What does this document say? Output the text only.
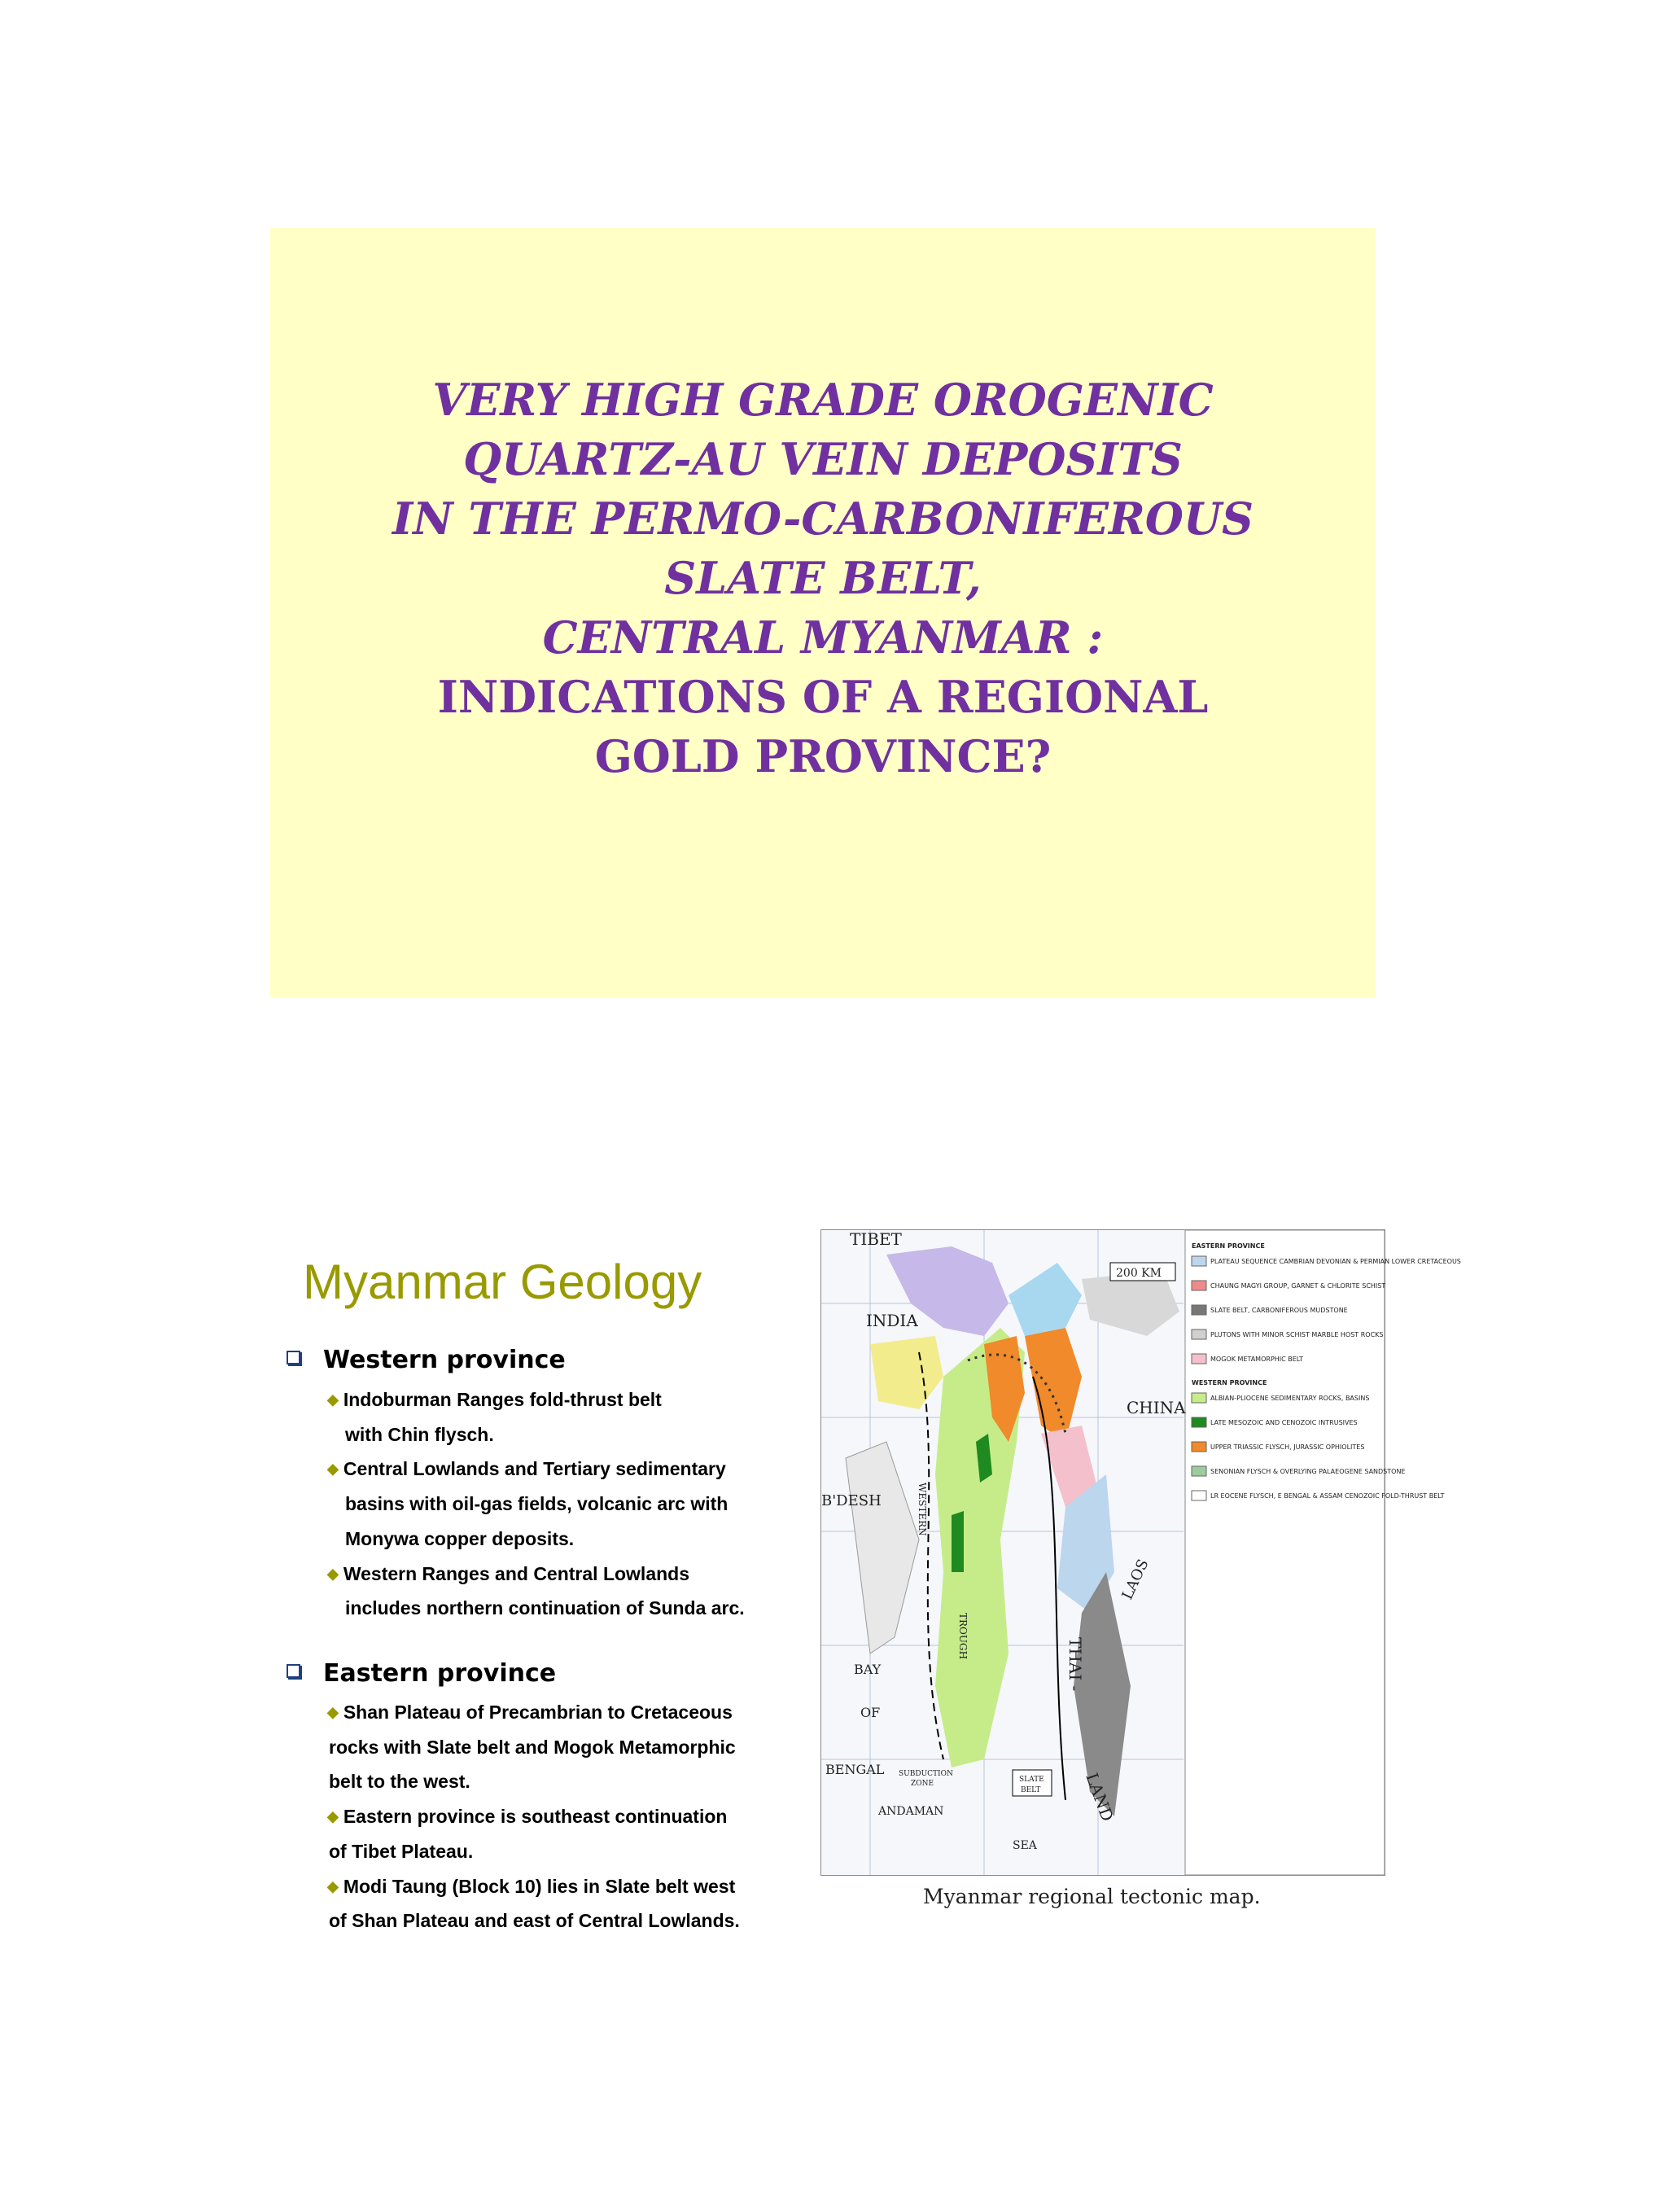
VERY HIGH GRADE OROGENIC
QUARTZ-AU VEIN DEPOSITS
IN THE PERMO-CARBONIFEROUS
SLATE BELT,
CENTRAL MYANMAR :
INDICATIONS OF A REGIONAL
GOLD PROVINCE?
Myanmar Geology
Western province
◆ Indoburman Ranges fold-thrust belt
with Chin flysch.
◆ Central Lowlands and Tertiary sedimentary
basins with oil-gas fields, volcanic arc with
Monywa copper deposits.
◆ Western Ranges and Central Lowlands
includes northern continuation of Sunda arc.
Eastern province
◆ Shan Plateau of Precambrian to Cretaceous
rocks with Slate belt and Mogok Metamorphic
belt to the west.
◆ Eastern province is southeast continuation
of Tibet Plateau.
◆ Modi Taung (Block 10) lies in Slate belt west
of Shan Plateau and east of Central Lowlands.
EASTERN PROVINCE
PLATEAU SEQUENCE CAMBRIAN DEVONIAN & PERMIAN LOWER CRETACEOUS
CHAUNG MAGYI GROUP, GARNET & CHLORITE SCHIST
SLATE BELT, CARBONIFEROUS MUDSTONE
PLUTONS WITH MINOR SCHIST MARBLE HOST ROCKS
MOGOK METAMORPHIC BELT
WESTERN PROVINCE
ALBIAN-PLIOCENE SEDIMENTARY ROCKS, BASINS
LATE MESOZOIC AND CENOZOIC INTRUSIVES
UPPER TRIASSIC FLYSCH, JURASSIC OPHIOLITES
SENONIAN FLYSCH & OVERLYING PALAEOGENE SANDSTONE
LR EOCENE FLYSCH, E BENGAL & ASSAM CENOZOIC FOLD-THRUST BELT
TIBET
INDIA
CHINA
B'DESH
BAY
OF
BENGAL
ANDAMAN
SEA
LAOS
THAI -
LAND
WESTERN
TROUGH
200 KM
SUBDUCTION
ZONE	SLATE
BELT
Myanmar regional tectonic map.
